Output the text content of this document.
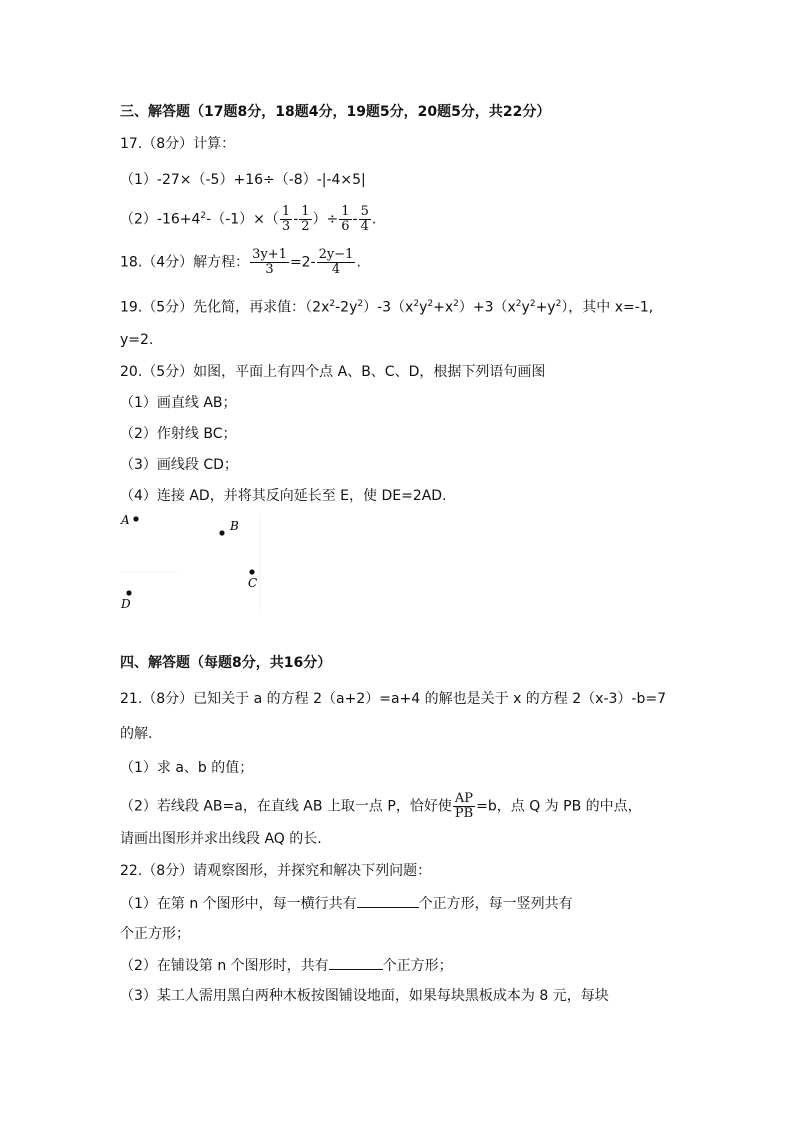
三、解答题（17题8分，18题4分，19题5分，20题5分，共22分）
17.（8分）计算：
（1）-27×（-5）+16÷（-8）-|-4×5|
$(2)-16+4^2-(-1)\times( \frac{1}{3} - \frac{1}{2}$ ）÷ $\frac{1}{6} - \frac{5}{4}$ .
18.（4分）解方程： $\frac{3y+1}{3} =2- \frac{2y-1}{4}$ .
19.（5分）先化简，再求值：$(2x^2-2y^2)-3(x^2y^2+x^2)+3(x^2y^2+y^2)$，其中 x=-1,
y=2.
20.（5分）如图，平面上有四个点 A、B、C、D，根据下列语句画图
（1）画直线 AB；
（2）作射线 BC；
（3）画线段 CD；
（4）连接 AD，并将其反向延长至 E，使 DE=2AD.
A	B
C
D
四、解答题（每题8分，共16分）
21.（8分）已知关于 a 的方程 2（a+2）=a+4 的解也是关于 x 的方程 2（x-3）-b=7
的解.
（1）求 a、b 的值；
（2）若线段 AB=a，在直线 AB 上取一点 P，恰好使 $\frac{AP}{PB} =b$，点 Q 为 PB 的中点，
请画出图形并求出线段 AQ 的长.
22.（8分）请观察图形，并探究和解决下列问题：
（1）在第 n 个图形中，每一横行共有	个正方形，每一竖列共有
个正方形；
（2）在铺设第 n 个图形时，共有	个正方形；
（3）某工人需用黑白两种木板按图铺设地面，如果每块黑板成本为 8 元，每块
